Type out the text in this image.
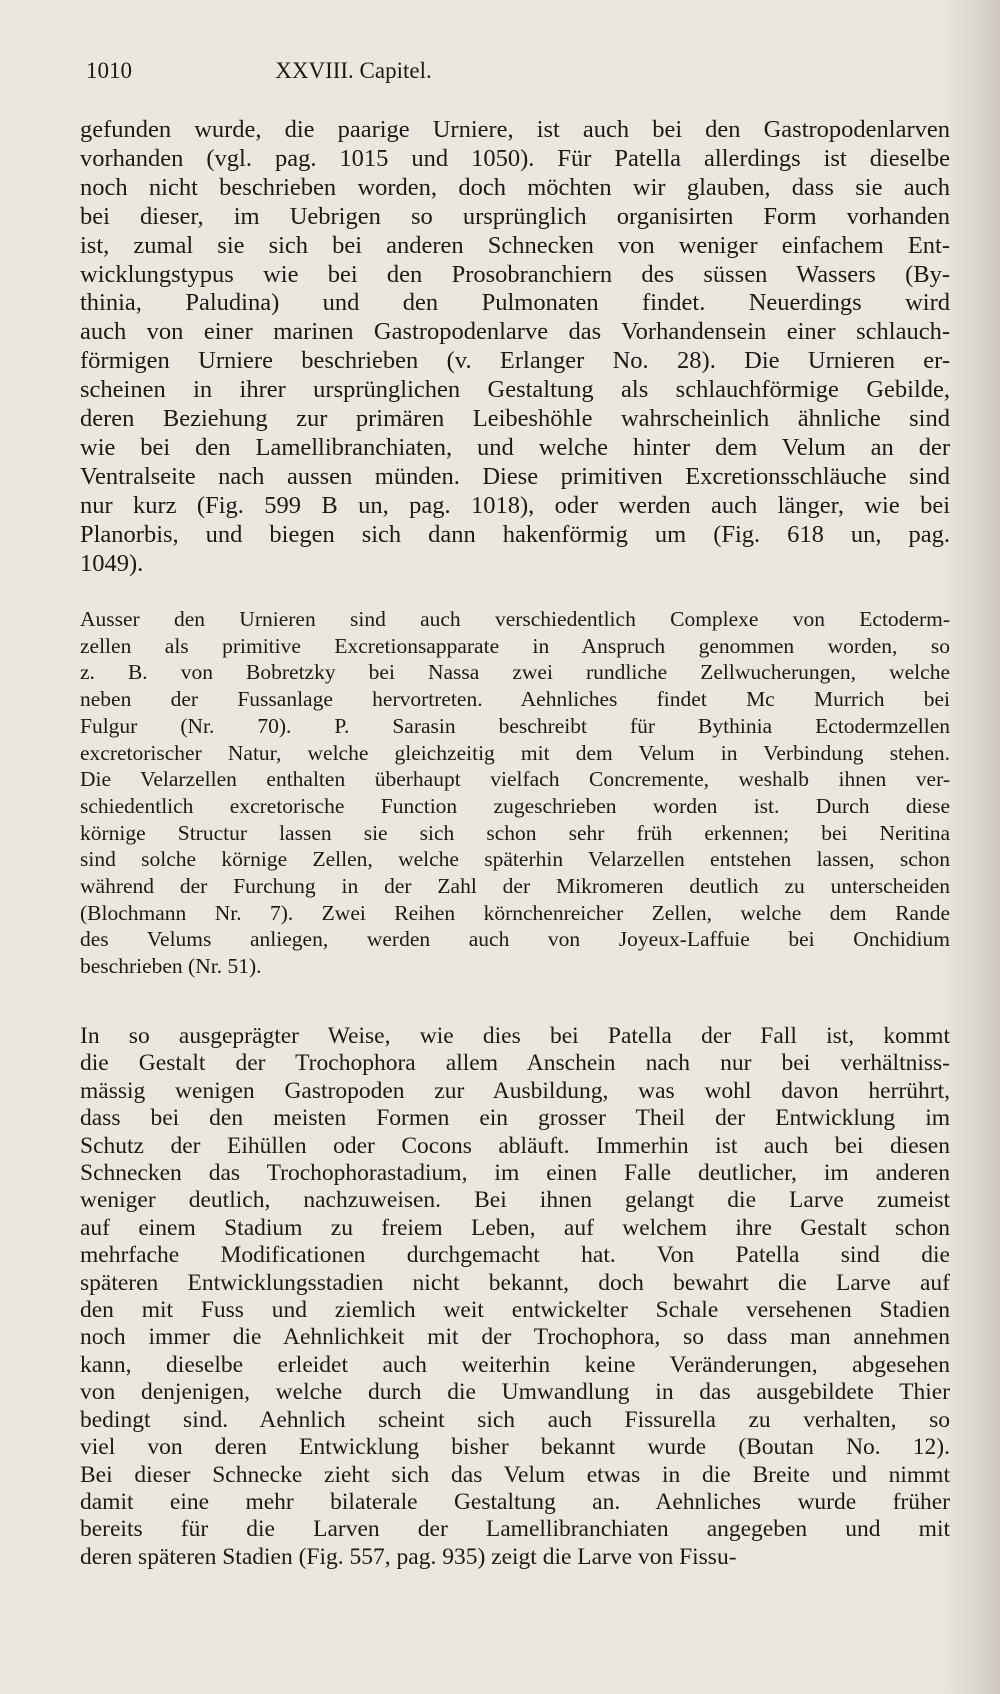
1010	XXVIII. Capitel.
gefunden wurde, die paarige Urniere, ist auch bei den Gastropodenlarven
vorhanden (vgl. pag. 1015 und 1050). Für Patella allerdings ist dieselbe
noch nicht beschrieben worden, doch möchten wir glauben, dass sie auch
bei dieser, im Uebrigen so ursprünglich organisirten Form vorhanden
ist, zumal sie sich bei anderen Schnecken von weniger einfachem Ent-
wicklungstypus wie bei den Prosobranchiern des süssen Wassers (By-
thinia, Paludina) und den Pulmonaten findet. Neuerdings wird
auch von einer marinen Gastropodenlarve das Vorhandensein einer schlauch-
förmigen Urniere beschrieben (v. Erlanger No. 28). Die Urnieren er-
scheinen in ihrer ursprünglichen Gestaltung als schlauchförmige Gebilde,
deren Beziehung zur primären Leibeshöhle wahrscheinlich ähnliche sind
wie bei den Lamellibranchiaten, und welche hinter dem Velum an der
Ventralseite nach aussen münden. Diese primitiven Excretionsschläuche sind
nur kurz (Fig. 599 B un, pag. 1018), oder werden auch länger, wie bei
Planorbis, und biegen sich dann hakenförmig um (Fig. 618 un, pag.
1049).
Ausser den Urnieren sind auch verschiedentlich Complexe von Ectoderm-
zellen als primitive Excretionsapparate in Anspruch genommen worden, so
z. B. von Bobretzky bei Nassa zwei rundliche Zellwucherungen, welche
neben der Fussanlage hervortreten. Aehnliches findet Mc Murrich bei
Fulgur (Nr. 70). P. Sarasin beschreibt für Bythinia Ectodermzellen
excretorischer Natur, welche gleichzeitig mit dem Velum in Verbindung stehen.
Die Velarzellen enthalten überhaupt vielfach Concremente, weshalb ihnen ver-
schiedentlich excretorische Function zugeschrieben worden ist. Durch diese
körnige Structur lassen sie sich schon sehr früh erkennen; bei Neritina
sind solche körnige Zellen, welche späterhin Velarzellen entstehen lassen, schon
während der Furchung in der Zahl der Mikromeren deutlich zu unterscheiden
(Blochmann Nr. 7). Zwei Reihen körnchenreicher Zellen, welche dem Rande
des Velums anliegen, werden auch von Joyeux-Laffuie bei Onchidium
beschrieben (Nr. 51).
In so ausgeprägter Weise, wie dies bei Patella der Fall ist, kommt
die Gestalt der Trochophora allem Anschein nach nur bei verhältniss-
mässig wenigen Gastropoden zur Ausbildung, was wohl davon herrührt,
dass bei den meisten Formen ein grosser Theil der Entwicklung im
Schutz der Eihüllen oder Cocons abläuft. Immerhin ist auch bei diesen
Schnecken das Trochophorastadium, im einen Falle deutlicher, im anderen
weniger deutlich, nachzuweisen. Bei ihnen gelangt die Larve zumeist
auf einem Stadium zu freiem Leben, auf welchem ihre Gestalt schon
mehrfache Modificationen durchgemacht hat. Von Patella sind die
späteren Entwicklungsstadien nicht bekannt, doch bewahrt die Larve auf
den mit Fuss und ziemlich weit entwickelter Schale versehenen Stadien
noch immer die Aehnlichkeit mit der Trochophora, so dass man annehmen
kann, dieselbe erleidet auch weiterhin keine Veränderungen, abgesehen
von denjenigen, welche durch die Umwandlung in das ausgebildete Thier
bedingt sind. Aehnlich scheint sich auch Fissurella zu verhalten, so
viel von deren Entwicklung bisher bekannt wurde (Boutan No. 12).
Bei dieser Schnecke zieht sich das Velum etwas in die Breite und nimmt
damit eine mehr bilaterale Gestaltung an. Aehnliches wurde früher
bereits für die Larven der Lamellibranchiaten angegeben und mit
deren späteren Stadien (Fig. 557, pag. 935) zeigt die Larve von Fissu-
